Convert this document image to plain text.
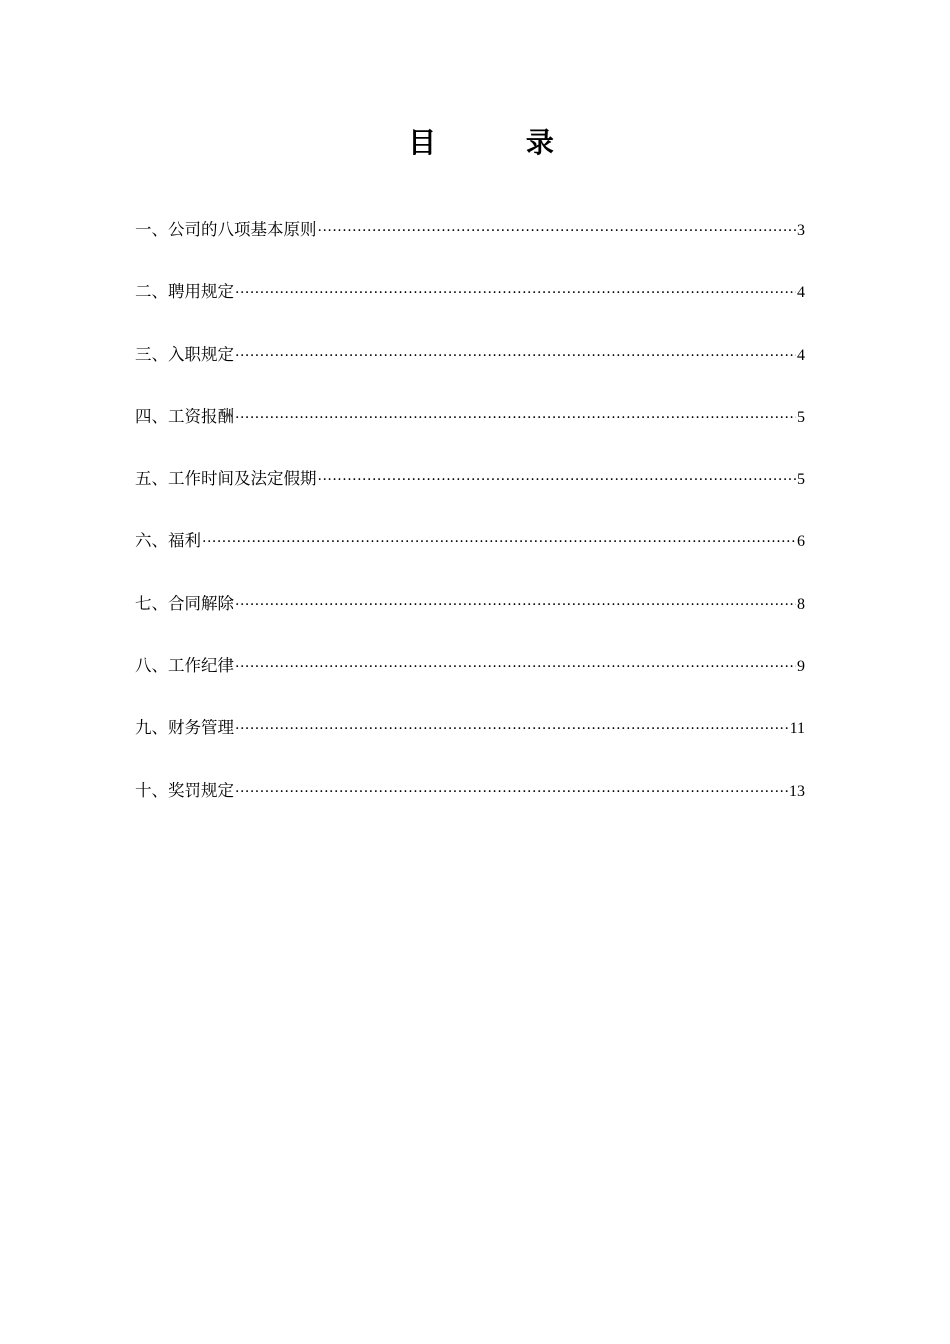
目 录
一、公司的八项基本原则 ·····	3
二、聘用规定 ·····	4
三、入职规定 ·····	4
四、工资报酬 ·····	5
五、工作时间及法定假期 ·····	5
六、福利 ·····	6
七、合同解除 ·····	8
八、工作纪律 ·····	9
九、财务管理 ·····	11
十、奖罚规定 ·····	13
